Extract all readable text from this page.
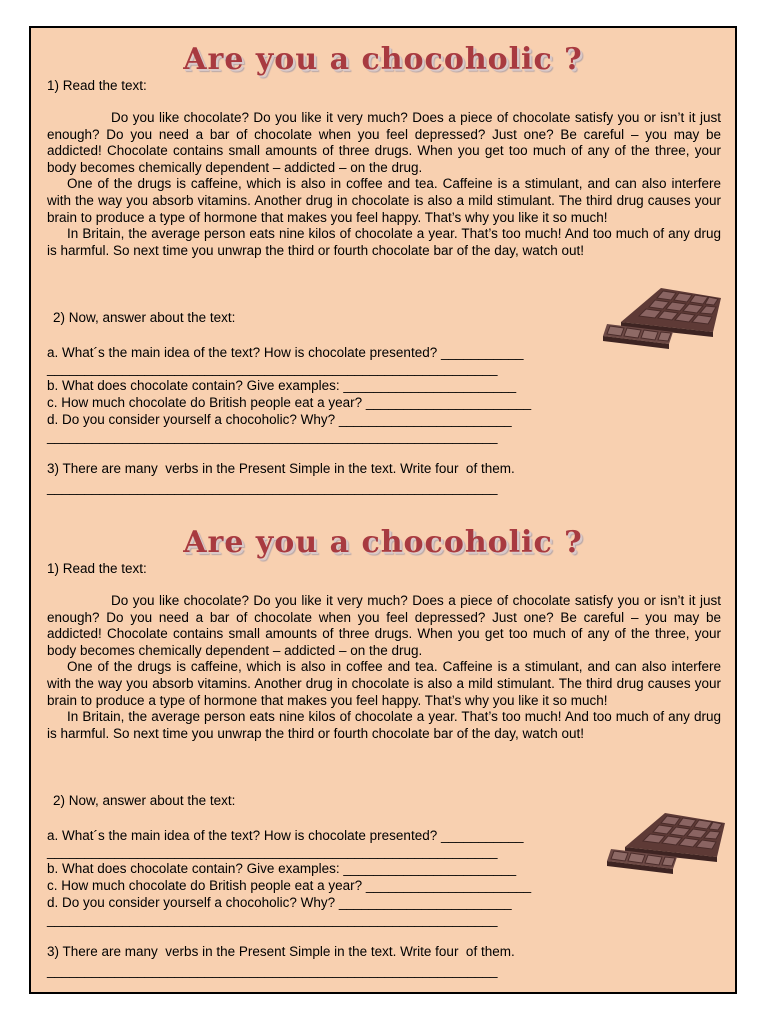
Are you a chocoholic ?
1) Read the text:

Do you like chocolate? Do you like it very much? Does a piece of chocolate satisfy you or isn’t it just enough? Do you need a bar of chocolate when you feel depressed? Just one? Be careful – you may be addicted! Chocolate contains small amounts of three drugs. When you get too much of any of the three, your body becomes chemically dependent – addicted – on the drug.

One of the drugs is caffeine, which is also in coffee and tea. Caffeine is a stimulant, and can also interfere with the way you absorb vitamins. Another drug in chocolate is also a mild stimulant. The third drug causes your brain to produce a type of hormone that makes you feel happy. That’s why you like it so much!

In Britain, the average person eats nine kilos of chocolate a year. That’s too much! And too much of any drug is harmful. So next time you unwrap the third or fourth chocolate bar of the day, watch out!

2) Now, answer about the text:
a. What´s the main idea of the text? How is chocolate presented? ___________
____________________________________________________________
b. What does chocolate contain? Give examples: _______________________
c. How much chocolate do British people eat a year? ______________________
d. Do you consider yourself a chocoholic? Why? _______________________
____________________________________________________________
3) There are many  verbs in the Present Simple in the text. Write four  of them.
____________________________________________________________
Are you a chocoholic ?
1) Read the text:

Do you like chocolate? Do you like it very much? Does a piece of chocolate satisfy you or isn’t it just enough? Do you need a bar of chocolate when you feel depressed? Just one? Be careful – you may be addicted! Chocolate contains small amounts of three drugs. When you get too much of any of the three, your body becomes chemically dependent – addicted – on the drug.

One of the drugs is caffeine, which is also in coffee and tea. Caffeine is a stimulant, and can also interfere with the way you absorb vitamins. Another drug in chocolate is also a mild stimulant. The third drug causes your brain to produce a type of hormone that makes you feel happy. That’s why you like it so much!

In Britain, the average person eats nine kilos of chocolate a year. That’s too much! And too much of any drug is harmful. So next time you unwrap the third or fourth chocolate bar of the day, watch out!

2) Now, answer about the text:
a. What´s the main idea of the text? How is chocolate presented? ___________
____________________________________________________________
b. What does chocolate contain? Give examples: _______________________
c. How much chocolate do British people eat a year? ______________________
d. Do you consider yourself a chocoholic? Why? _______________________
____________________________________________________________
3) There are many  verbs in the Present Simple in the text. Write four  of them.
____________________________________________________________
